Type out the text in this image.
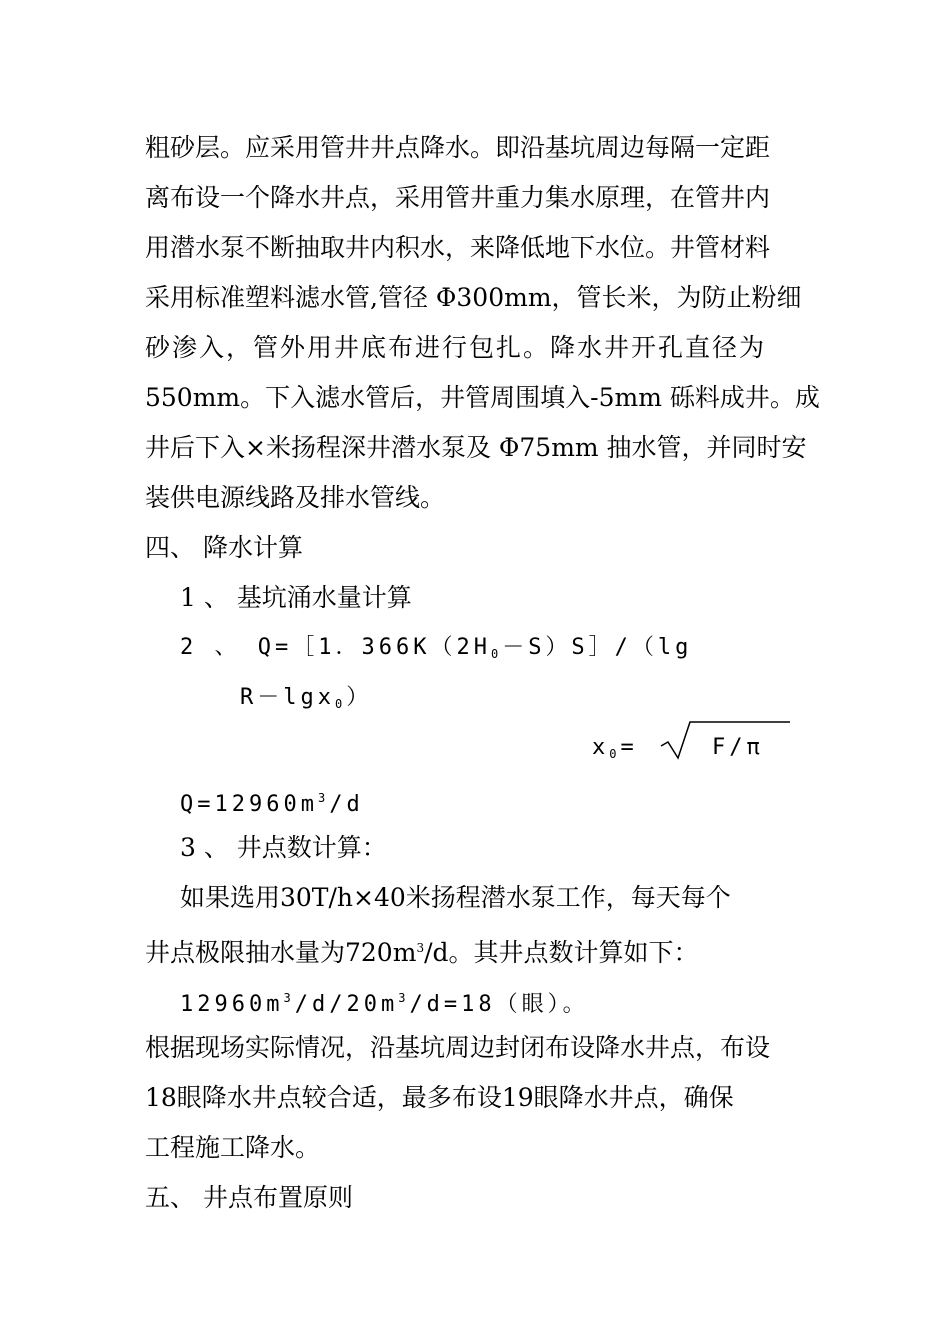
粗砂层。应采用管井井点降水。即沿基坑周边每隔一定距
离布设一个降水井点，采用管井重力集水原理，在管井内
用潜水泵不断抽取井内积水，来降低地下水位。井管材料
采用标准塑料滤水管,管径 Φ300mm，管长米，为防止粉细
砂渗入，管外用井底布进行包扎。降水井开孔直径为
550mm。下入滤水管后，井管周围填入-5mm 砾料成井。成
井后下入×米扬程深井潜水泵及 Φ75mm 抽水管，并同时安
装供电源线路及排水管线。
四、 降水计算
1 、 基坑涌水量计算
2 、 Q=［1．$366K(2H_0-S)S]/(\lg$
R－lgx$_0$）
$x_0=$	F/π
$Q=12960m^3/d$
3 、 井点数计算：
如果选用30T/h×40米扬程潜水泵工作，每天每个
井点极限抽水量为$720m^3/d$。其井点数计算如下：
$12960m^3/d/20m^3/d=18$（眼）。
根据现场实际情况，沿基坑周边封闭布设降水井点，布设
18眼降水井点较合适，最多布设19眼降水井点，确保
工程施工降水。
五、 井点布置原则
